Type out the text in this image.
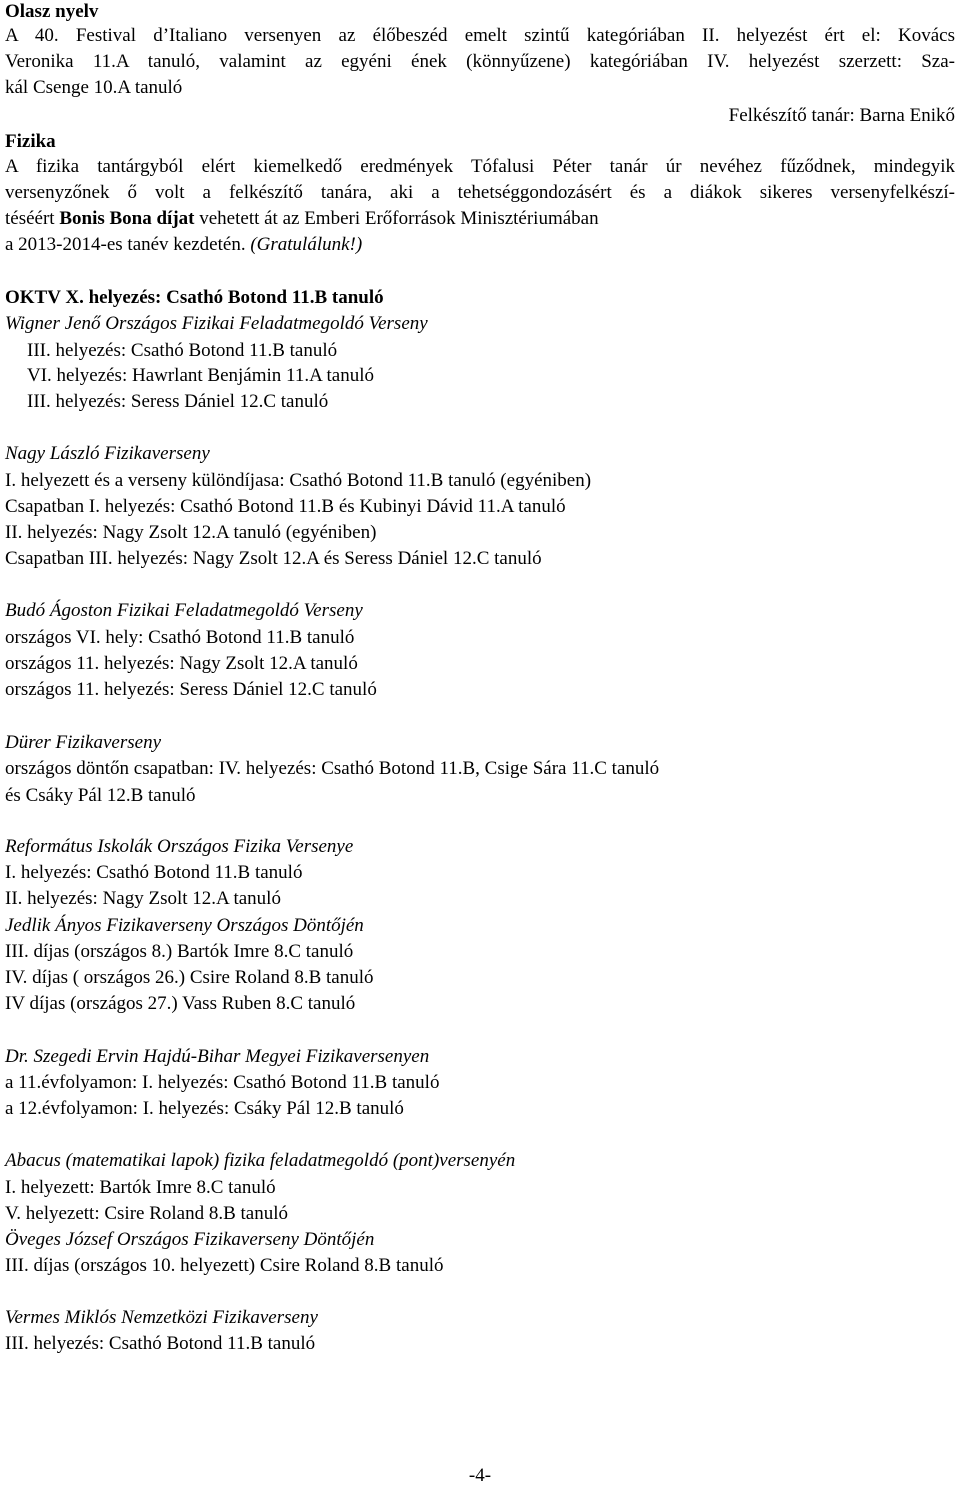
Olasz nyelv
A 40. Festival d’Italiano versenyen az élőbeszéd emelt szintű kategóriában II. helyezést ért el: Kovács
Veronika 11.A tanuló, valamint az egyéni ének (könnyűzene) kategóriában IV. helyezést szerzett: Sza-
kál Csenge 10.A tanuló
Felkészítő tanár: Barna Enikő
Fizika
A fizika tantárgyból elért kiemelkedő eredmények Tófalusi Péter tanár úr nevéhez fűződnek, mindegyik
versenyzőnek ő volt a felkészítő tanára, aki a tehetséggondozásért és a diákok sikeres versenyfelkészí-
téséért Bonis Bona díjat vehetett át az Emberi Erőforrások Minisztériumában
a 2013-2014-es tanév kezdetén. (Gratulálunk!)
OKTV X. helyezés: Csathó Botond 11.B tanuló
Wigner Jenő Országos Fizikai Feladatmegoldó Verseny
III. helyezés: Csathó Botond 11.B tanuló
VI. helyezés: Hawrlant Benjámin 11.A tanuló
III. helyezés: Seress Dániel 12.C tanuló
Nagy László Fizikaverseny
I. helyezett és a verseny különdíjasa: Csathó Botond 11.B tanuló (egyéniben)
Csapatban I. helyezés: Csathó Botond 11.B és Kubinyi Dávid 11.A tanuló
II. helyezés: Nagy Zsolt 12.A tanuló (egyéniben)
Csapatban III. helyezés: Nagy Zsolt 12.A és Seress Dániel 12.C tanuló
Budó Ágoston Fizikai Feladatmegoldó Verseny
országos VI. hely: Csathó Botond 11.B tanuló
országos 11. helyezés: Nagy Zsolt 12.A tanuló
országos 11. helyezés: Seress Dániel 12.C tanuló
Dürer Fizikaverseny
országos döntőn csapatban: IV. helyezés: Csathó Botond 11.B, Csige Sára 11.C tanuló
és Csáky Pál 12.B tanuló
Református Iskolák Országos Fizika Versenye
I. helyezés: Csathó Botond 11.B tanuló
II. helyezés: Nagy Zsolt 12.A tanuló
Jedlik Ányos Fizikaverseny Országos Döntőjén
III. díjas (országos 8.) Bartók Imre 8.C tanuló
IV. díjas ( országos 26.) Csire Roland 8.B tanuló
IV díjas (országos 27.) Vass Ruben 8.C tanuló
Dr. Szegedi Ervin Hajdú-Bihar Megyei Fizikaversenyen
a 11.évfolyamon: I. helyezés: Csathó Botond 11.B tanuló
a 12.évfolyamon: I. helyezés: Csáky Pál 12.B tanuló
Abacus (matematikai lapok) fizika feladatmegoldó (pont)versenyén
I. helyezett: Bartók Imre 8.C tanuló
V. helyezett: Csire Roland 8.B tanuló
Öveges József Országos Fizikaverseny Döntőjén
III. díjas (országos 10. helyezett) Csire Roland 8.B tanuló
Vermes Miklós Nemzetközi Fizikaverseny
III. helyezés: Csathó Botond 11.B tanuló
-4-
